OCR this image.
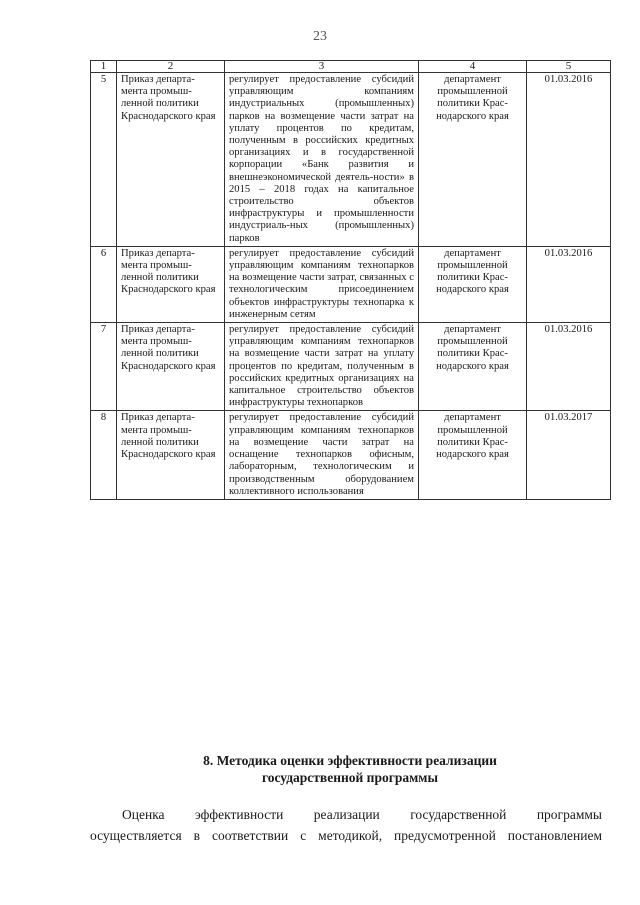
23
1	2	3	4	5
5	Приказ департа-мента промыш-ленной политики Краснодарского края	регулирует предоставление субсидий управляющим компаниям индустриальных (промышленных) парков на возмещение части затрат на уплату процентов по кредитам, полученным в российских кредитных организациях и в государственной корпорации «Банк развития и внешнеэкономической деятель-ности» в 2015 – 2018 годах на капитальное строительство объектов инфраструктуры и промышленности индустриаль-ных (промышленных) парков	департамент промышленной политики Крас-нодарского края	01.03.2016
6	Приказ департа-мента промыш-ленной политики Краснодарского края	регулирует предоставление субсидий управляющим компаниям технопарков на возмещение части затрат, связанных с технологическим присоединением объектов инфраструктуры технопарка к инженерным сетям	департамент промышленной политики Крас-нодарского края	01.03.2016
7	Приказ департа-мента промыш-ленной политики Краснодарского края	регулирует предоставление субсидий управляющим компаниям технопарков на возмещение части затрат на уплату процентов по кредитам, полученным в российских кредитных организациях на капитальное строительство объектов инфраструктуры технопарков	департамент промышленной политики Крас-нодарского края	01.03.2016
8	Приказ департа-мента промыш-ленной политики Краснодарского края	регулирует предоставление субсидий управляющим компаниям технопарков на возмещение части затрат на оснащение технопарков офисным, лабораторным, технологическим и производственным оборудованием коллективного использования	департамент промышленной политики Крас-нодарского края	01.03.2017
8. Методика оценки эффективности реализации
государственной программы
Оценка эффективности реализации государственной программы
осуществляется в соответствии с методикой, предусмотренной постановлением
